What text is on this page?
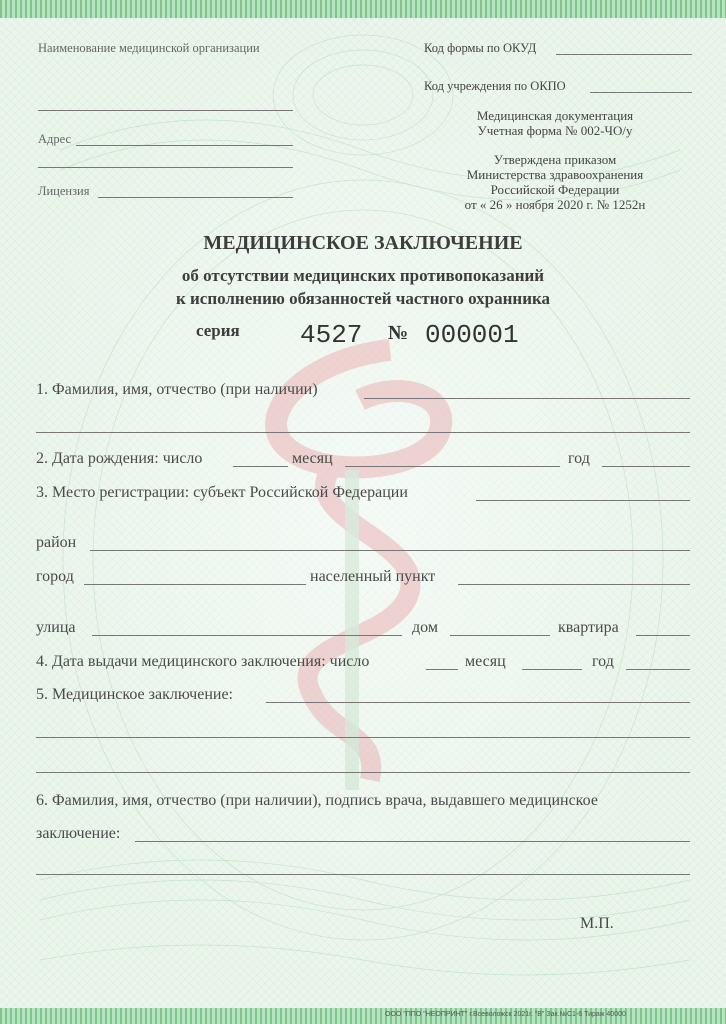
Наименование медицинской организации
Адрес
Лицензия
Код формы по ОКУД
Код учреждения по ОКПО
Медицинская документация
Учетная форма № 002-ЧО/у
Утверждена приказом
Министерства здравоохранения
Российской Федерации
от « 26 » ноября 2020 г. № 1252н
МЕДИЦИНСКОЕ ЗАКЛЮЧЕНИЕ
об отсутствии медицинских противопоказаний
к исполнению обязанностей частного охранника
серия 4527 № 000001
1. Фамилия, имя, отчество (при наличии)
2. Дата рождения: число	месяц	год
3. Место регистрации: субъект Российской Федерации
район
город	населенный пункт
улица	дом	квартира
4. Дата выдачи медицинского заключения: число	месяц	год
5. Медицинское заключение:
6. Фамилия, имя, отчество (при наличии), подпись врача, выдавшего медицинское
заключение:
М.П.
ООО "ППО "НЕОПРИНТ" г.Всеволожск 2021г. "В" Зак.№С1-6 Тираж 40000
